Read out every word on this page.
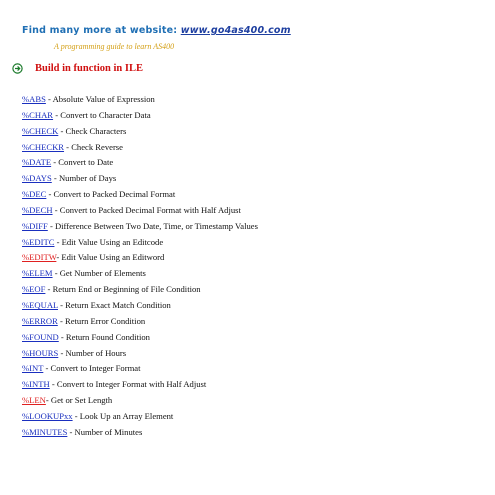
Find many more at website: www.go4as400.com
A programming guide to learn AS400
Build in function in ILE
%ABS - Absolute Value of Expression
%CHAR - Convert to Character Data
%CHECK - Check Characters
%CHECKR - Check Reverse
%DATE - Convert to Date
%DAYS - Number of Days
%DEC - Convert to Packed Decimal Format
%DECH - Convert to Packed Decimal Format with Half Adjust
%DIFF - Difference Between Two Date, Time, or Timestamp Values
%EDITC - Edit Value Using an Editcode
%EDITW- Edit Value Using an Editword
%ELEM - Get Number of Elements
%EOF - Return End or Beginning of File Condition
%EQUAL - Return Exact Match Condition
%ERROR - Return Error Condition
%FOUND - Return Found Condition
%HOURS - Number of Hours
%INT - Convert to Integer Format
%INTH - Convert to Integer Format with Half Adjust
%LEN- Get or Set Length
%LOOKUPxx - Look Up an Array Element
%MINUTES - Number of Minutes
